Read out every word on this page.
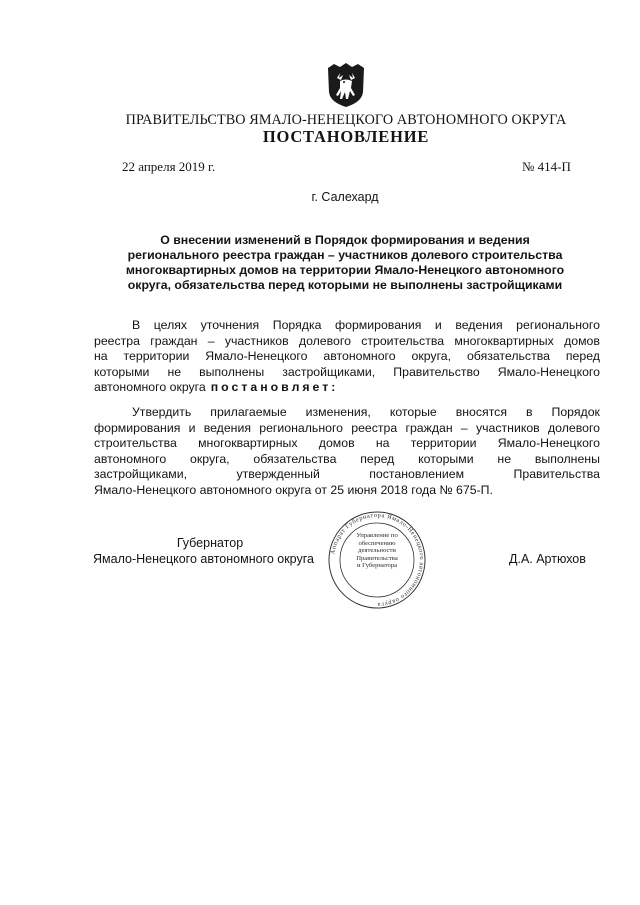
ПРАВИТЕЛЬСТВО ЯМАЛО-НЕНЕЦКОГО АВТОНОМНОГО ОКРУГА
ПОСТАНОВЛЕНИЕ
22 апреля 2019 г.	№ 414-П
г. Салехард
О внесении изменений в Порядок формирования и ведения
регионального реестра граждан – участников долевого строительства
многоквартирных домов на территории Ямало-Ненецкого автономного
округа, обязательства перед которыми не выполнены застройщиками
В целях уточнения Порядка формирования и ведения регионального
реестра граждан – участников долевого строительства многоквартирных домов
на территории Ямало-Ненецкого автономного округа, обязательства перед
которыми не выполнены застройщиками, Правительство Ямало-Ненецкого
автономного округа постановляет:
Утвердить прилагаемые изменения, которые вносятся в Порядок
формирования и ведения регионального реестра граждан – участников долевого
строительства многоквартирных домов на территории Ямало-Ненецкого
автономного округа, обязательства перед которыми не выполнены
застройщиками,	утвержденный	постановлением	Правительства
Ямало-Ненецкого автономного округа от 25 июня 2018 года № 675-П.
Губернатор
Ямало-Ненецкого автономного округа	Д.А. Артюхов
Аппарат Губернатора Ямало-Ненецкого автономного округа
Управление по
обеспечению
деятельности
Правительства
и Губернатора
